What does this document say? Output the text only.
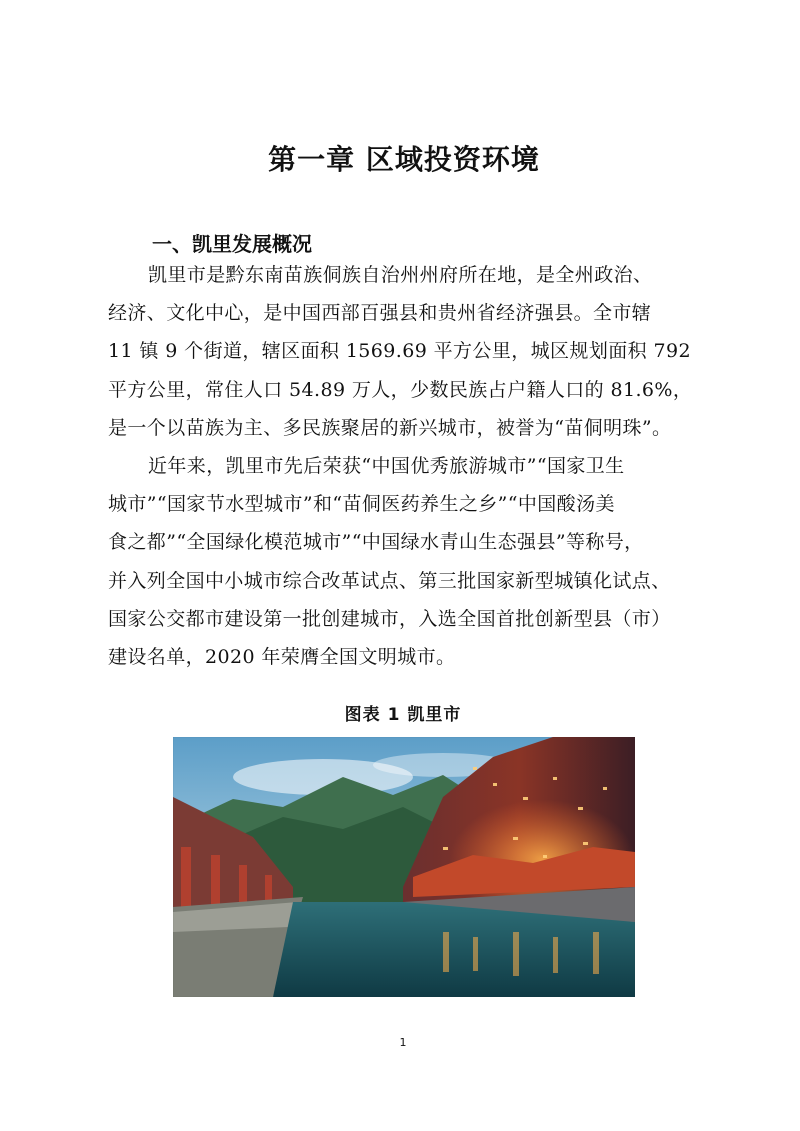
第一章 区域投资环境
一、凯里发展概况
凯里市是黔东南苗族侗族自治州州府所在地，是全州政治、
经济、文化中心，是中国西部百强县和贵州省经济强县。全市辖
11 镇 9 个街道，辖区面积 1569.69 平方公里，城区规划面积 792
平方公里，常住人口 54.89 万人，少数民族占户籍人口的 81.6%，
是一个以苗族为主、多民族聚居的新兴城市，被誉为“苗侗明珠”。
近年来，凯里市先后荣获“中国优秀旅游城市”“国家卫生
城市”“国家节水型城市”和“苗侗医药养生之乡”“中国酸汤美
食之都”“全国绿化模范城市”“中国绿水青山生态强县”等称号，
并入列全国中小城市综合改革试点、第三批国家新型城镇化试点、
国家公交都市建设第一批创建城市，入选全国首批创新型县（市）
建设名单，2020 年荣膺全国文明城市。
图表 1 凯里市
1
